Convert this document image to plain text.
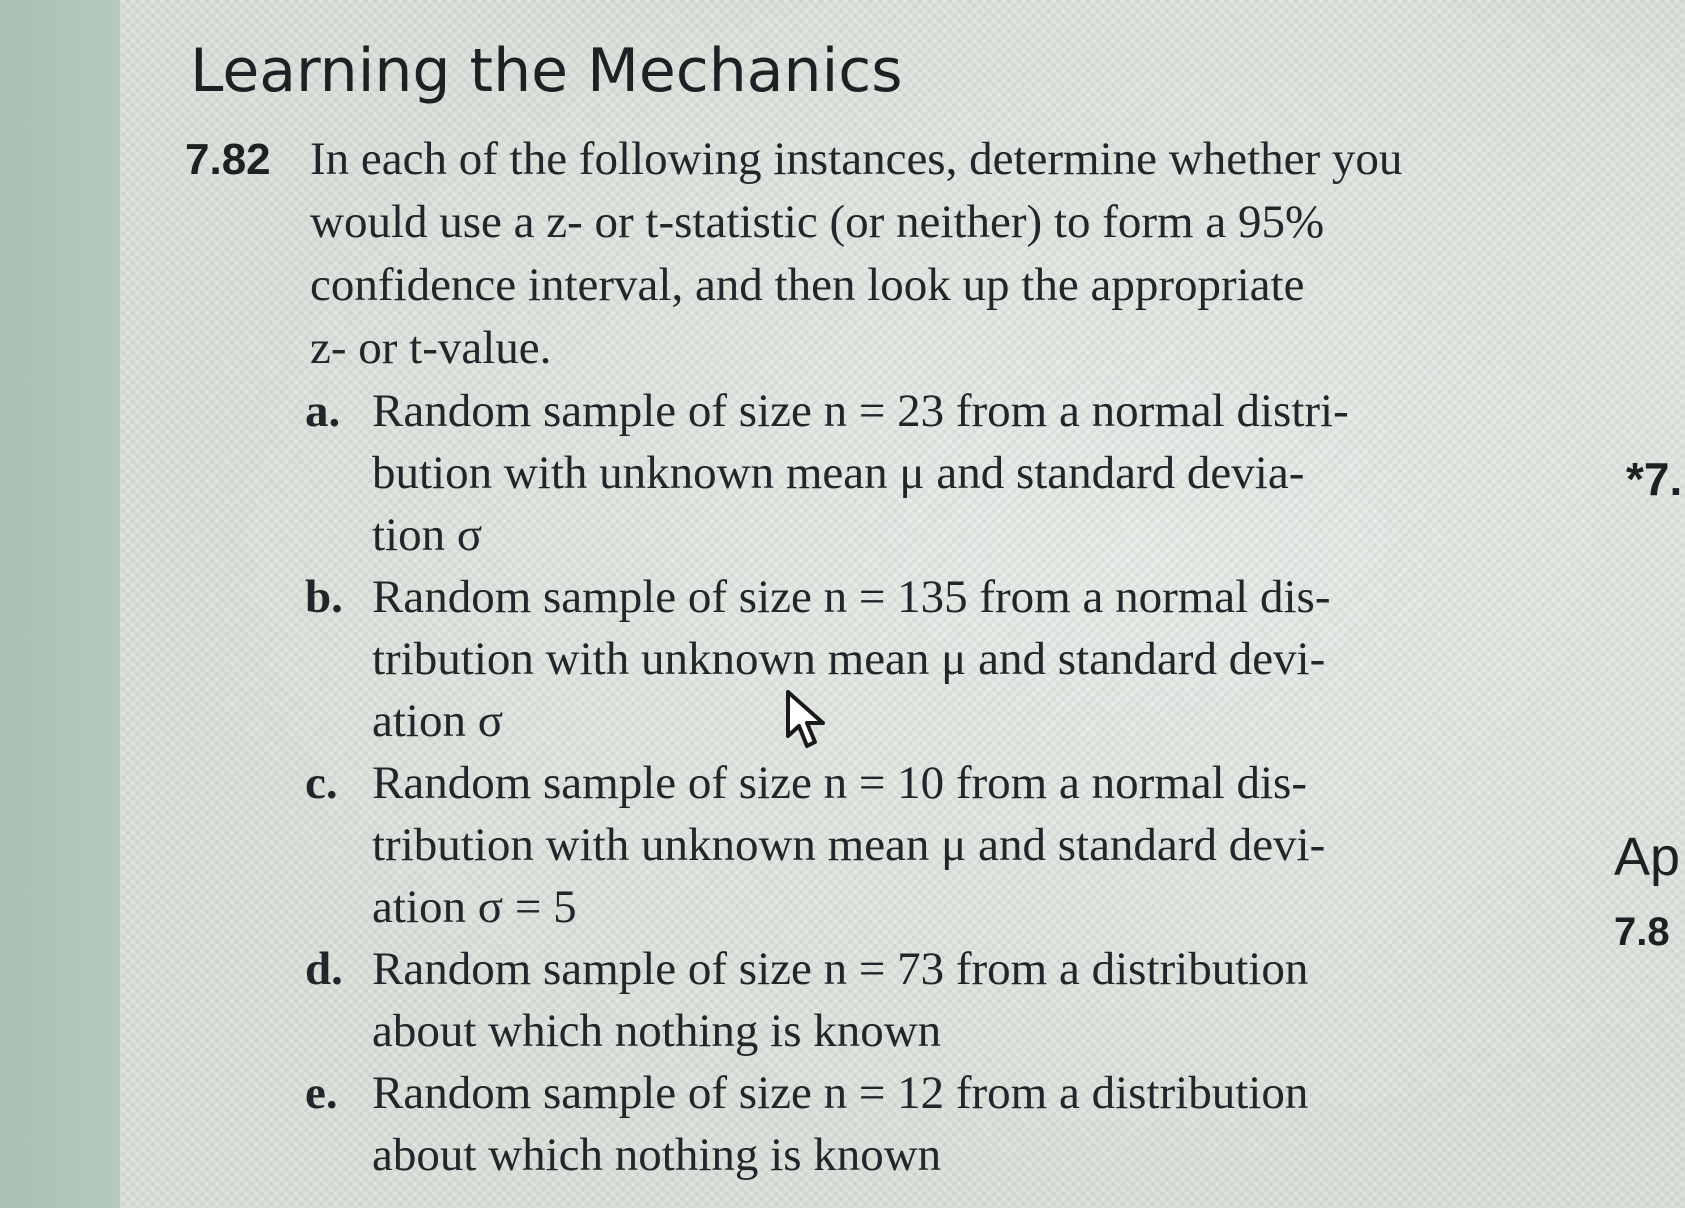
Learning the Mechanics
7.82 In each of the following instances, determine whether you
would use a z- or t-statistic (or neither) to form a 95%
confidence interval, and then look up the appropriate
z- or t-value.

a. Random sample of size n = 23 from a normal distri-
bution with unknown mean μ and standard devia-
tion σ
b. Random sample of size n = 135 from a normal dis-
tribution with unknown mean μ and standard devi-
ation σ
c. Random sample of size n = 10 from a normal dis-
tribution with unknown mean μ and standard devi-
ation σ = 5
d. Random sample of size n = 73 from a distribution
about which nothing is known
e. Random sample of size n = 12 from a distribution
about which nothing is known
*7.
Ap
7.8
